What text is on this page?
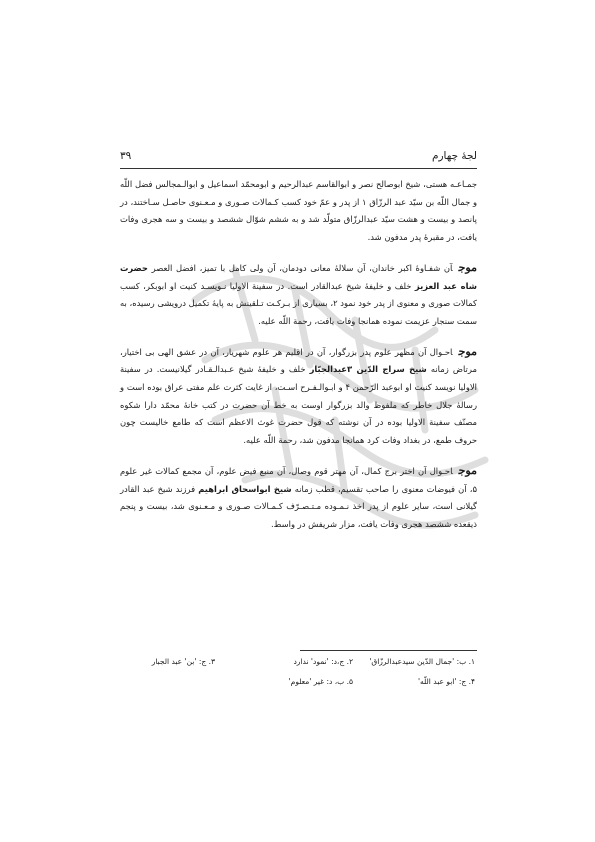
لجهٔ چهارم
۳۹

جمـاعـه هستی، شیخ ابوصالح نصر و ابوالقاسم عبدالرحیم و ابومحمّد اسماعیل و ابوالـمجالس فضل اللّه و جمال اللّه بن سیّد عبد الرزّاق ۱ از پدر و عمّ خود کسب کـمالات صـوری و مـعـنوی حاصـل سـاختند، در پانصد و بیست و هشت سیّد عبدالرزّاق متولّد شد و به ششم شوّال ششصد و بیست و سه هجری وفات یافت، در مقبرهٔ پدر مدفون شد.

موجآن شفـاوهٔ اکبر خاندان، آن سلالهٔ معانی دودمان، آن ولی کامل با تمیز، افضل العصر حضرت شاه عبد العزیز خلف و خلیفهٔ شیخ عبدالقادر است. در سفینة الاولیا نـویسـد کنیت او ابوبکر، کسب کمالات صوری و معنوی از پدر خود نمود ۲، بسیاری از بـرکـت تـلقینش به پایهٔ تکمیل درویشی رسیده، به سمت سنجار عزیمت نموده همانجا وفات یافت، رحمة اللّه علیه.

موجاحـوال آن مظهر علوم پدر بزرگوار، آن در اقلیم هر علوم شهریار، آن در عشق الهی بی اختیار، مرتاض زمانه شیخ سراج الدّین ۳عبدالجبّار خلف و خلیفهٔ شیخ عـبدالـقـادر گیلانیست. در سفینة الاولیا نویسد کنیت او ابوعبد الرّحمن ۴ و ابـوالـفـرح اسـت، از غایت کثرت علم مفتی عراق بوده است و رسالهٔ جلال خاطر که ملفوظ والد بزرگوار اوست به خط آن حضرت در کتب خانهٔ محمّد دارا شکوه مصنّف سفینة الاولیا بوده در آن نوشته که قول حضرت غوث الاعظم است که طامع خالیست چون حروف طمع، در بغداد وفات کرد همانجا مدفون شد، رحمة اللّه علیه.

موجاحـوال آن اختر برج کمال، آن مهتر قوم وصال، آن منبع فیض علوم، آن مجمع کمالات غیر علوم ۵، آن فیوضات معنوی را صاحب تقسیم، قطب زمانه شیخ ابواسحاق ابراهیم فرزند شیخ عبد القادر گیلانی است، سایر علوم از پدر اخذ نـمـوده مـتـصـرّف کـمـالات صـوری و مـعـنوی شد، بیست و پنجم ذیقعده ششصد هجری وفات یافت، مزار شریفش در واسط.

۱. ب: 'جمال الدّین سیدعبدالرزّاق'
۲. ج،د: 'نمود' ندارد
۳. ج: 'بن' عبد الجبار
۴. ج: 'ابو عبد اللّه'
۵. ب، د: غیر 'معلوم'
